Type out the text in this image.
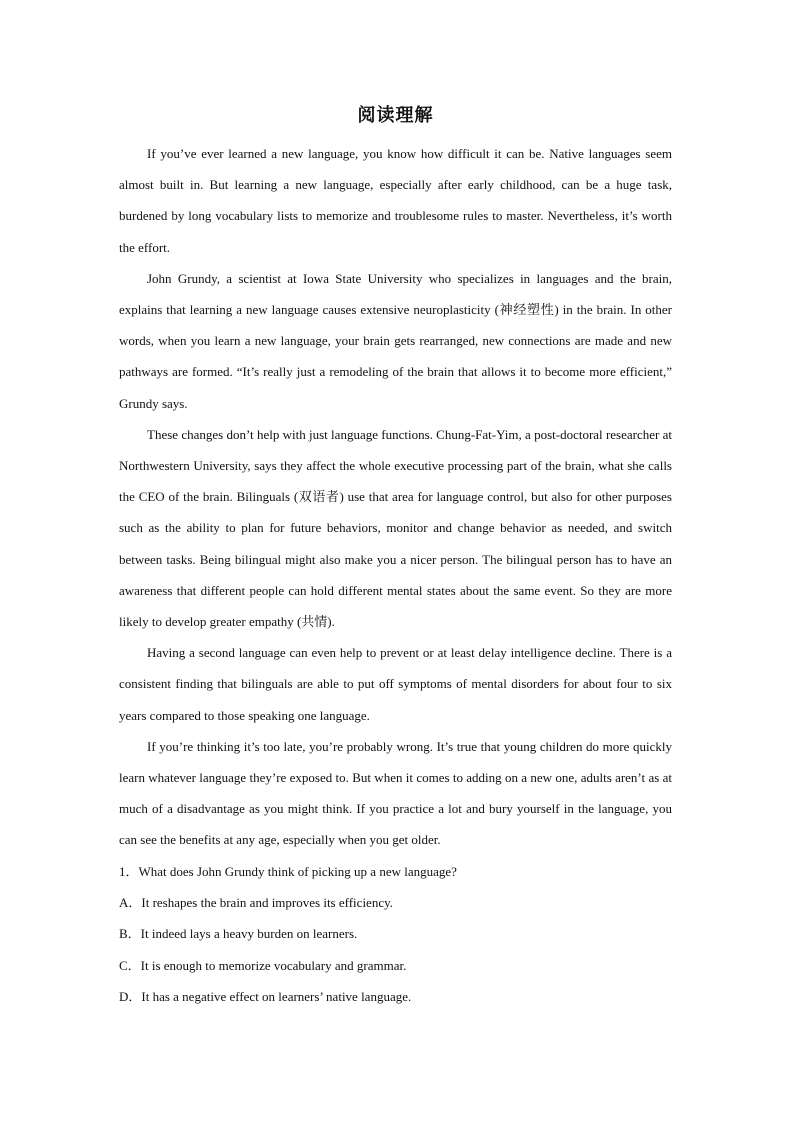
阅读理解

If you’ve ever learned a new language, you know how difficult it can be. Native languages seem almost built in. But learning a new language, especially after early childhood, can be a huge task, burdened by long vocabulary lists to memorize and troublesome rules to master. Nevertheless, it’s worth the effort.

John Grundy, a scientist at Iowa State University who specializes in languages and the brain, explains that learning a new language causes extensive neuroplasticity (神经塑性) in the brain. In other words, when you learn a new language, your brain gets rearranged, new connections are made and new pathways are formed. “It’s really just a remodeling of the brain that allows it to become more efficient,” Grundy says.

These changes don’t help with just language functions. Chung-Fat-Yim, a post-doctoral researcher at Northwestern University, says they affect the whole executive processing part of the brain, what she calls the CEO of the brain. Bilinguals (双语者) use that area for language control, but also for other purposes such as the ability to plan for future behaviors, monitor and change behavior as needed, and switch between tasks. Being bilingual might also make you a nicer person. The bilingual person has to have an awareness that different people can hold different mental states about the same event. So they are more likely to develop greater empathy (共情).

Having a second language can even help to prevent or at least delay intelligence decline. There is a consistent finding that bilinguals are able to put off symptoms of mental disorders for about four to six years compared to those speaking one language.

If you’re thinking it’s too late, you’re probably wrong. It’s true that young children do more quickly learn whatever language they’re exposed to. But when it comes to adding on a new one, adults aren’t as at much of a disadvantage as you might think. If you practice a lot and bury yourself in the language, you can see the benefits at any age, especially when you get older.

1．What does John Grundy think of picking up a new language?

A．It reshapes the brain and improves its efficiency.

B．It indeed lays a heavy burden on learners.

C．It is enough to memorize vocabulary and grammar.

D．It has a negative effect on learners’ native language.
